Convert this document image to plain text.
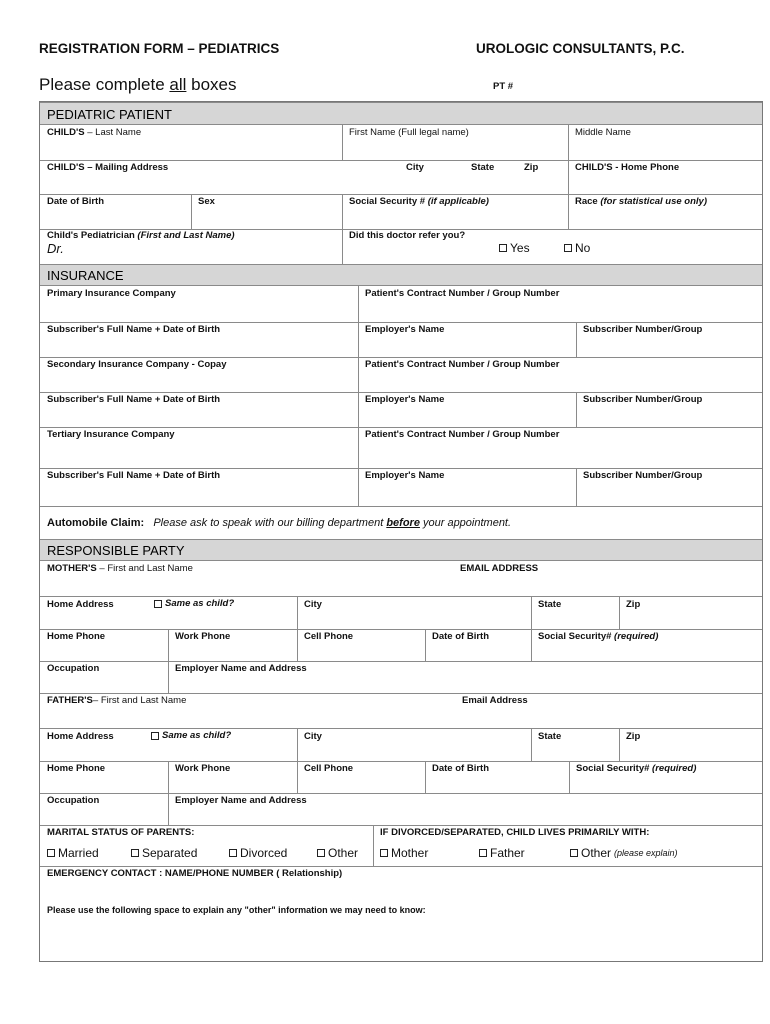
REGISTRATION FORM – PEDIATRICS	UROLOGIC CONSULTANTS, P.C.
Please complete all boxes	PT #
PEDIATRIC PATIENT
CHILD'S – Last Name	First Name (Full legal name)	Middle Name
CHILD'S – Mailing Address	City	State	Zip	CHILD'S - Home Phone
Date of Birth	Sex	Social Security # (if applicable)	Race (for statistical use only)
Child's Pediatrician (First and Last Name)
Dr.
Did this doctor refer you?
Yes	No
INSURANCE
Primary Insurance Company	Patient's Contract Number / Group Number
Subscriber's Full Name + Date of Birth	Employer's Name	Subscriber Number/Group
Secondary Insurance Company - Copay	Patient's Contract Number / Group Number
Subscriber's Full Name + Date of Birth	Employer's Name	Subscriber Number/Group
Tertiary Insurance Company	Patient's Contract Number / Group Number
Subscriber's Full Name + Date of Birth	Employer's Name	Subscriber Number/Group
Automobile Claim: Please ask to speak with our billing department before your appointment.
RESPONSIBLE PARTY
MOTHER'S – First and Last Name	EMAIL ADDRESS
Home Address	Same as child?	City	State	Zip
Home Phone	Work Phone	Cell Phone	Date of Birth	Social Security# (required)
Occupation	Employer Name and Address
FATHER'S– First and Last Name	Email Address
Home Address	Same as child?	City	State	Zip
Home Phone	Work Phone	Cell Phone	Date of Birth	Social Security# (required)
Occupation	Employer Name and Address
MARITAL STATUS OF PARENTS:	IF DIVORCED/SEPARATED, CHILD LIVES PRIMARILY WITH:
Married	Separated	Divorced	Other	Mother	Father	Other (please explain)
EMERGENCY CONTACT : NAME/PHONE NUMBER ( Relationship)
Please use the following space to explain any "other" information we may need to know:
